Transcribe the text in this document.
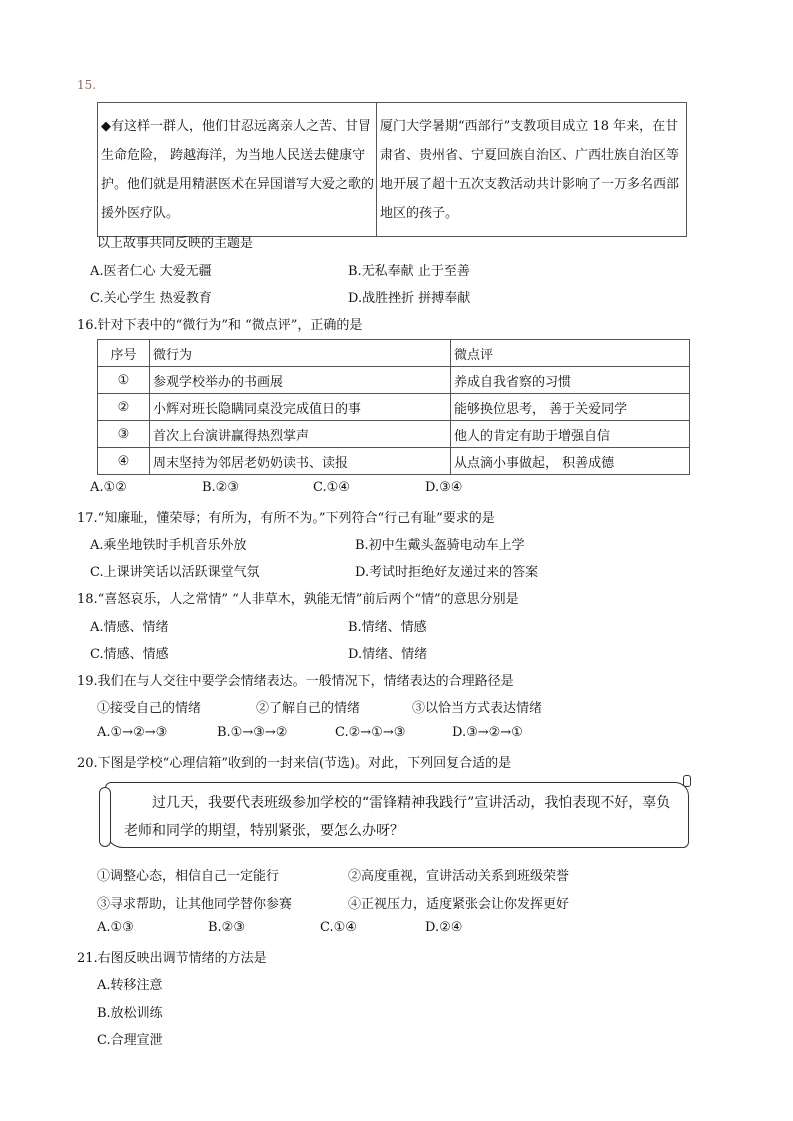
15.
◆有这样一群人，他们甘忍远离亲人之苦、甘冒生命危险， 跨越海洋，为当地人民送去健康守护。他们就是用精湛医术在异国谱写大爱之歌的援外医疗队。	厦门大学暑期“西部行”支教项目成立 18 年来，在甘肃省、贵州省、宁夏回族自治区、广西壮族自治区等地开展了超十五次支教活动共计影响了一万多名西部地区的孩子。
以上故事共同反映的主题是
A.医者仁心 大爱无疆	B.无私奉献 止于至善
C.关心学生 热爱教育	D.战胜挫折 拼搏奉献
16.针对下表中的“微行为”和 “微点评”，正确的是
序号	微行为	微点评
①	参观学校举办的书画展	养成自我省察的习惯
②	小辉对班长隐瞒同桌没完成值日的事	能够换位思考， 善于关爱同学
③	首次上台演讲赢得热烈掌声	他人的肯定有助于增强自信
④	周末坚持为邻居老奶奶读书、读报	从点滴小事做起， 积善成德
A.①②	B.②③	C.①④	D.③④
17.“知廉耻，懂荣辱；有所为，有所不为。”下列符合“行己有耻”要求的是
A.乘坐地铁时手机音乐外放	B.初中生戴头盔骑电动车上学
C.上课讲笑话以活跃课堂气氛	D.考试时拒绝好友递过来的答案
18.“喜怒哀乐，人之常情” “人非草木，孰能无情”前后两个“情”的意思分别是
A.情感、情绪	B.情绪、情感
C.情感、情感	D.情绪、情绪
19.我们在与人交往中要学会情绪表达。一般情况下，情绪表达的合理路径是
①接受自己的情绪	②了解自己的情绪	③以恰当方式表达情绪
A.①→②→③	B.①→③→②	C.②→①→③	D.③→②→①
20.下图是学校“心理信箱”收到的一封来信(节选)。对此，下列回复合适的是
过几天，我要代表班级参加学校的“雷锋精神我践行”宣讲活动，我怕表现不好，辜负老师和同学的期望，特别紧张，要怎么办呀？
①调整心态，相信自己一定能行	②高度重视，宣讲活动关系到班级荣誉
③寻求帮助，让其他同学替你参赛	④正视压力，适度紧张会让你发挥更好
A.①③	B.②③	C.①④	D.②④
21.右图反映出调节情绪的方法是
A.转移注意
B.放松训练
C.合理宣泄
